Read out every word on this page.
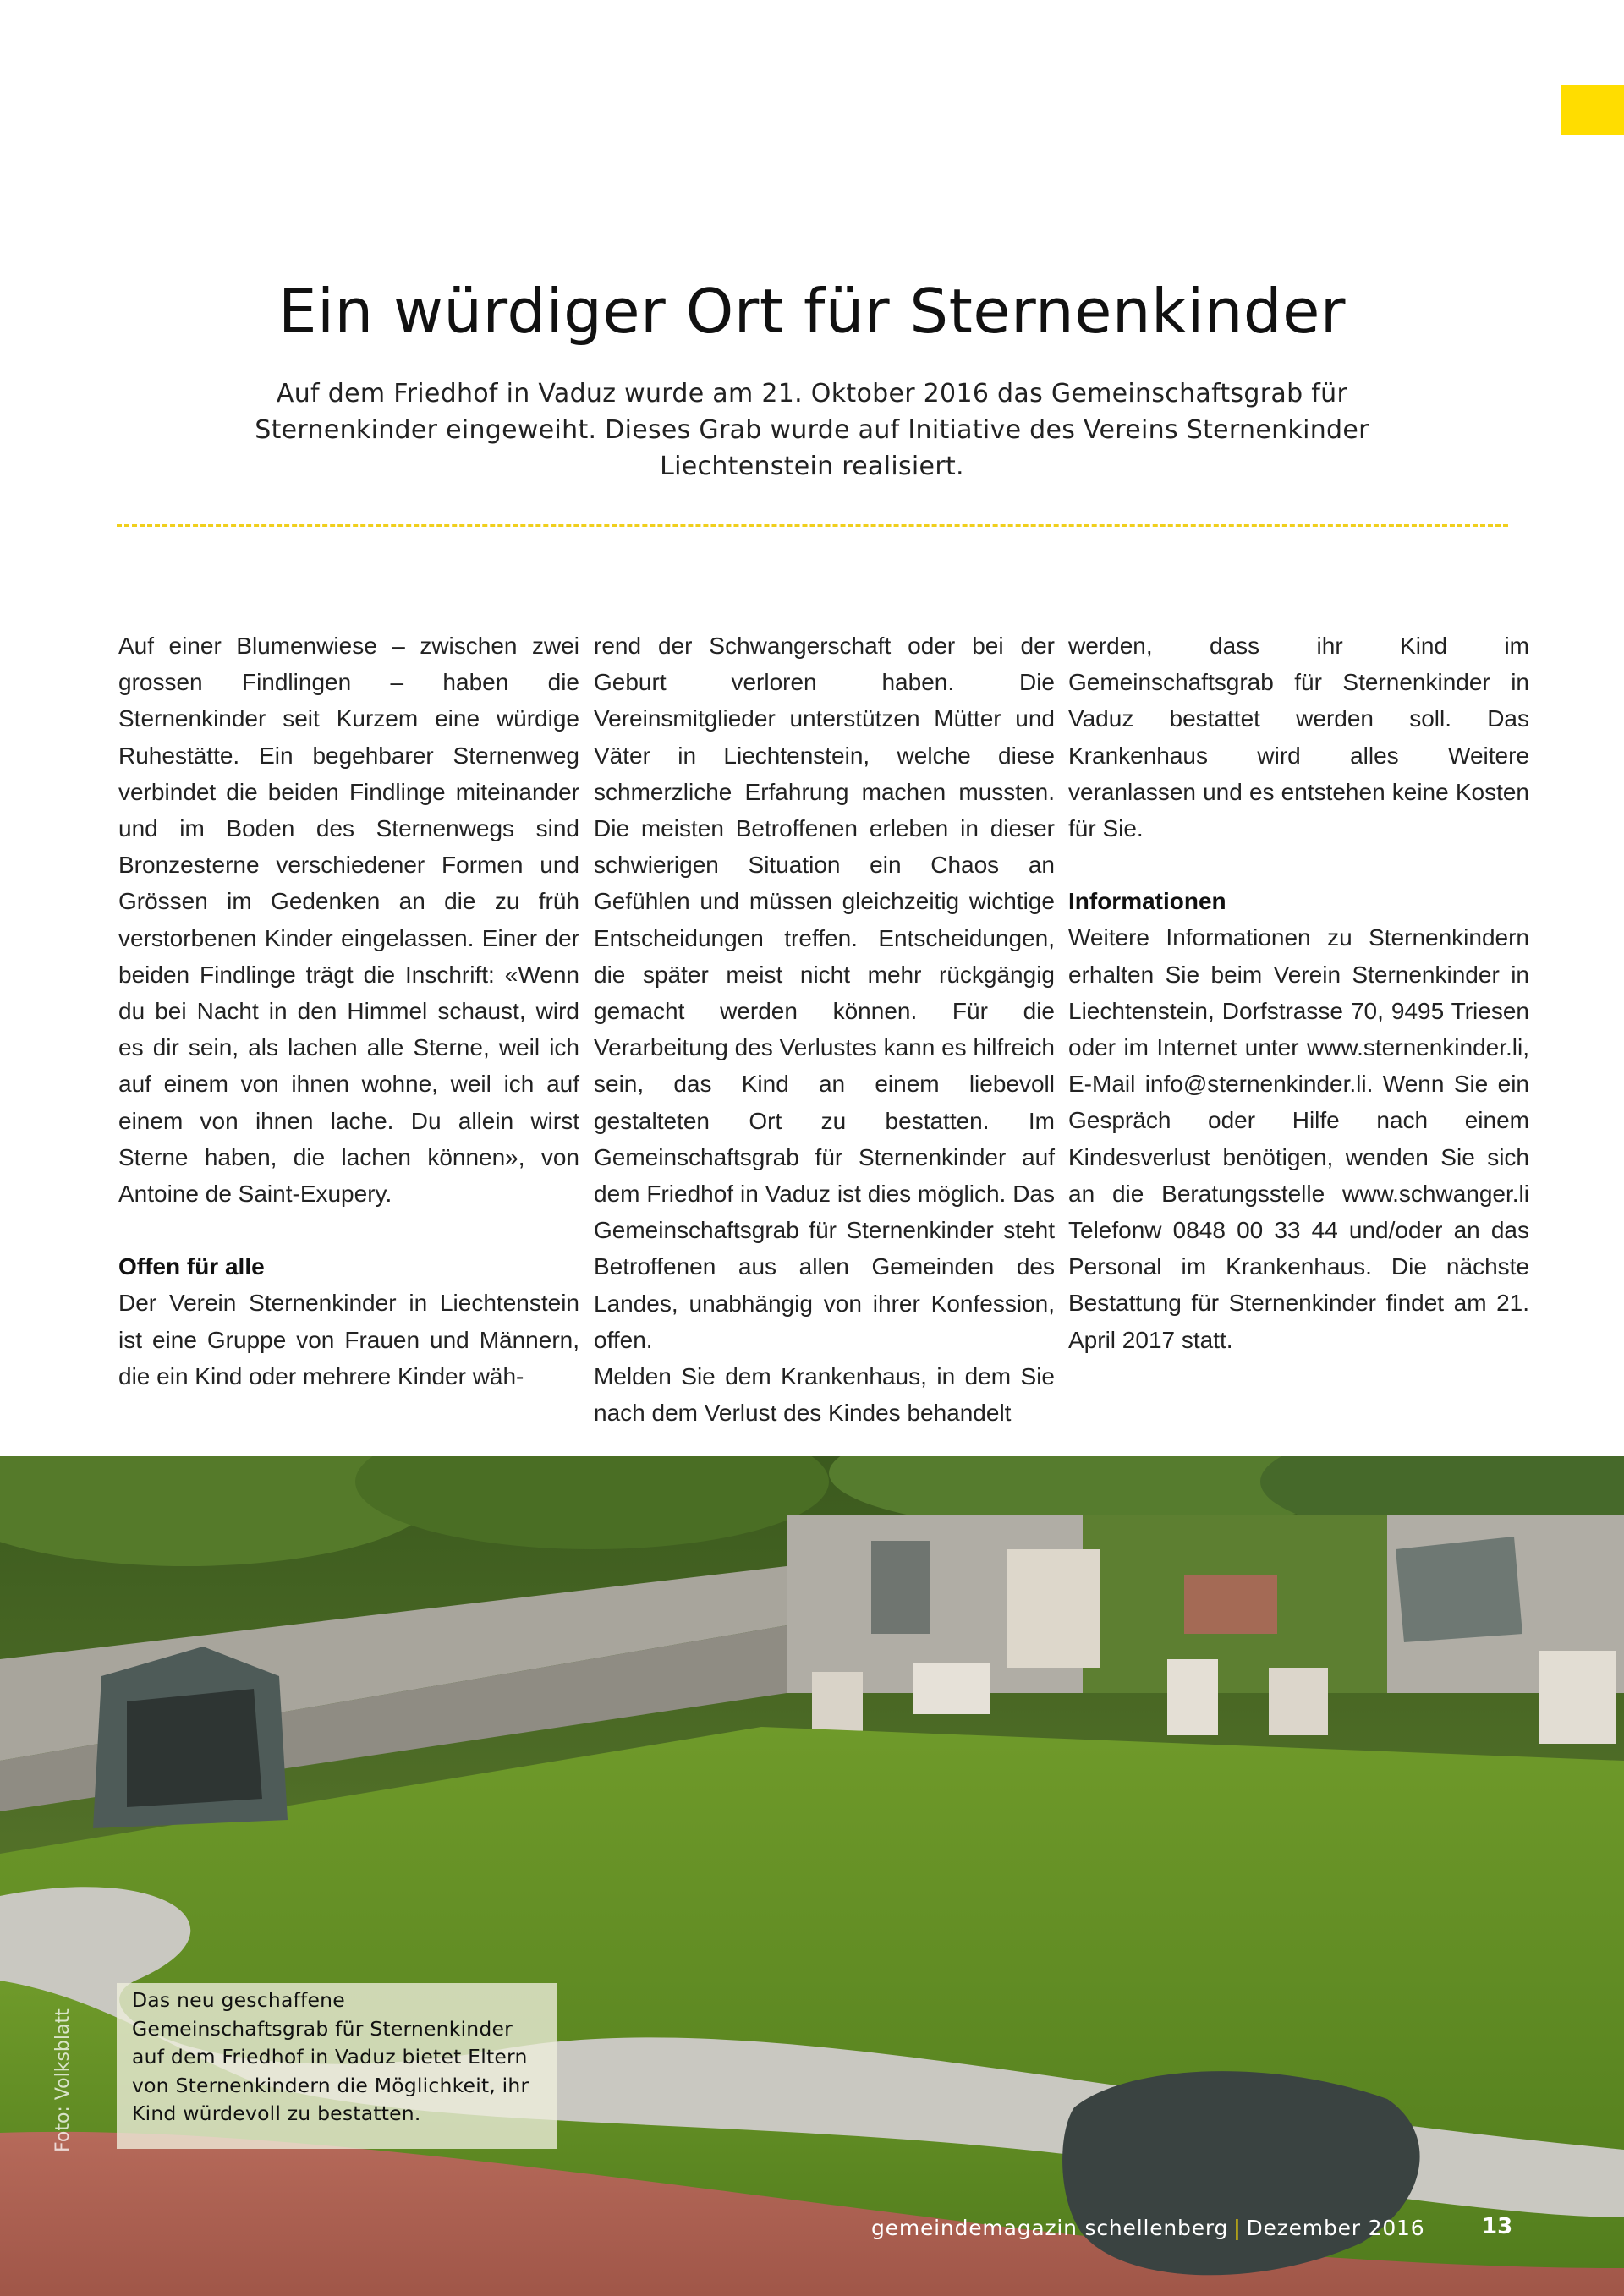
Ein würdiger Ort für Sternenkinder

Auf dem Friedhof in Vaduz wurde am 21. Oktober 2016 das Gemeinschaftsgrab für Sternenkinder eingeweiht. Dieses Grab wurde auf Initiative des Vereins Sternenkinder Liechtenstein realisiert.

Auf einer Blumenwiese – zwischen zwei grossen Findlingen – haben die Sternenkinder seit Kurzem eine würdige Ruhestätte. Ein begehbarer Sternenweg verbindet die beiden Findlinge miteinander und im Boden des Sternenwegs sind Bronzesterne verschiedener Formen und Grössen im Gedenken an die zu früh verstorbenen Kinder eingelassen. Einer der beiden Findlinge trägt die Inschrift: «Wenn du bei Nacht in den Himmel schaust, wird es dir sein, als lachen alle Sterne, weil ich auf einem von ihnen wohne, weil ich auf einem von ihnen lache. Du allein wirst Sterne haben, die lachen können», von Antoine de Saint-Exupery.

Offen für alle

Der Verein Sternenkinder in Liechtenstein ist eine Gruppe von Frauen und Männern, die ein Kind oder mehrere Kinder wäh-

rend der Schwangerschaft oder bei der Geburt verloren haben. Die Vereinsmitglieder unterstützen Mütter und Väter in Liechtenstein, welche diese schmerzliche Erfahrung machen mussten. Die meisten Betroffenen erleben in dieser schwierigen Situation ein Chaos an Gefühlen und müssen gleichzeitig wichtige Entscheidungen treffen. Entscheidungen, die später meist nicht mehr rückgängig gemacht werden können. Für die Verarbeitung des Verlustes kann es hilfreich sein, das Kind an einem liebevoll gestalteten Ort zu bestatten. Im Gemeinschaftsgrab für Sternenkinder auf dem Friedhof in Vaduz ist dies möglich. Das Gemeinschaftsgrab für Sternenkinder steht Betroffenen aus allen Gemeinden des Landes, unabhängig von ihrer Konfession, offen.

Melden Sie dem Krankenhaus, in dem Sie nach dem Verlust des Kindes behandelt

werden, dass ihr Kind im Gemeinschaftsgrab für Sternenkinder in Vaduz bestattet werden soll. Das Krankenhaus wird alles Weitere veranlassen und es entstehen keine Kosten für Sie.

Informationen

Weitere Informationen zu Sternenkindern erhalten Sie beim Verein Sternenkinder in Liechtenstein, Dorfstrasse 70, 9495 Triesen oder im Internet unter www.sternenkinder.li, E-Mail info@sternenkinder.li. Wenn Sie ein Gespräch oder Hilfe nach einem Kindesverlust benötigen, wenden Sie sich an die Beratungsstelle www.schwanger.li Telefonw 0848 00 33 44 und/oder an das Personal im Krankenhaus. Die nächste Bestattung für Sternenkinder findet am 21. April 2017 statt.

Das neu geschaffene Gemeinschaftsgrab für Sternenkinder auf dem Friedhof in Vaduz bietet Eltern von Sternenkindern die Möglichkeit, ihr Kind würdevoll zu bestatten.
Foto: Volksblatt
gemeindemagazin schellenberg | Dezember 2016	13
